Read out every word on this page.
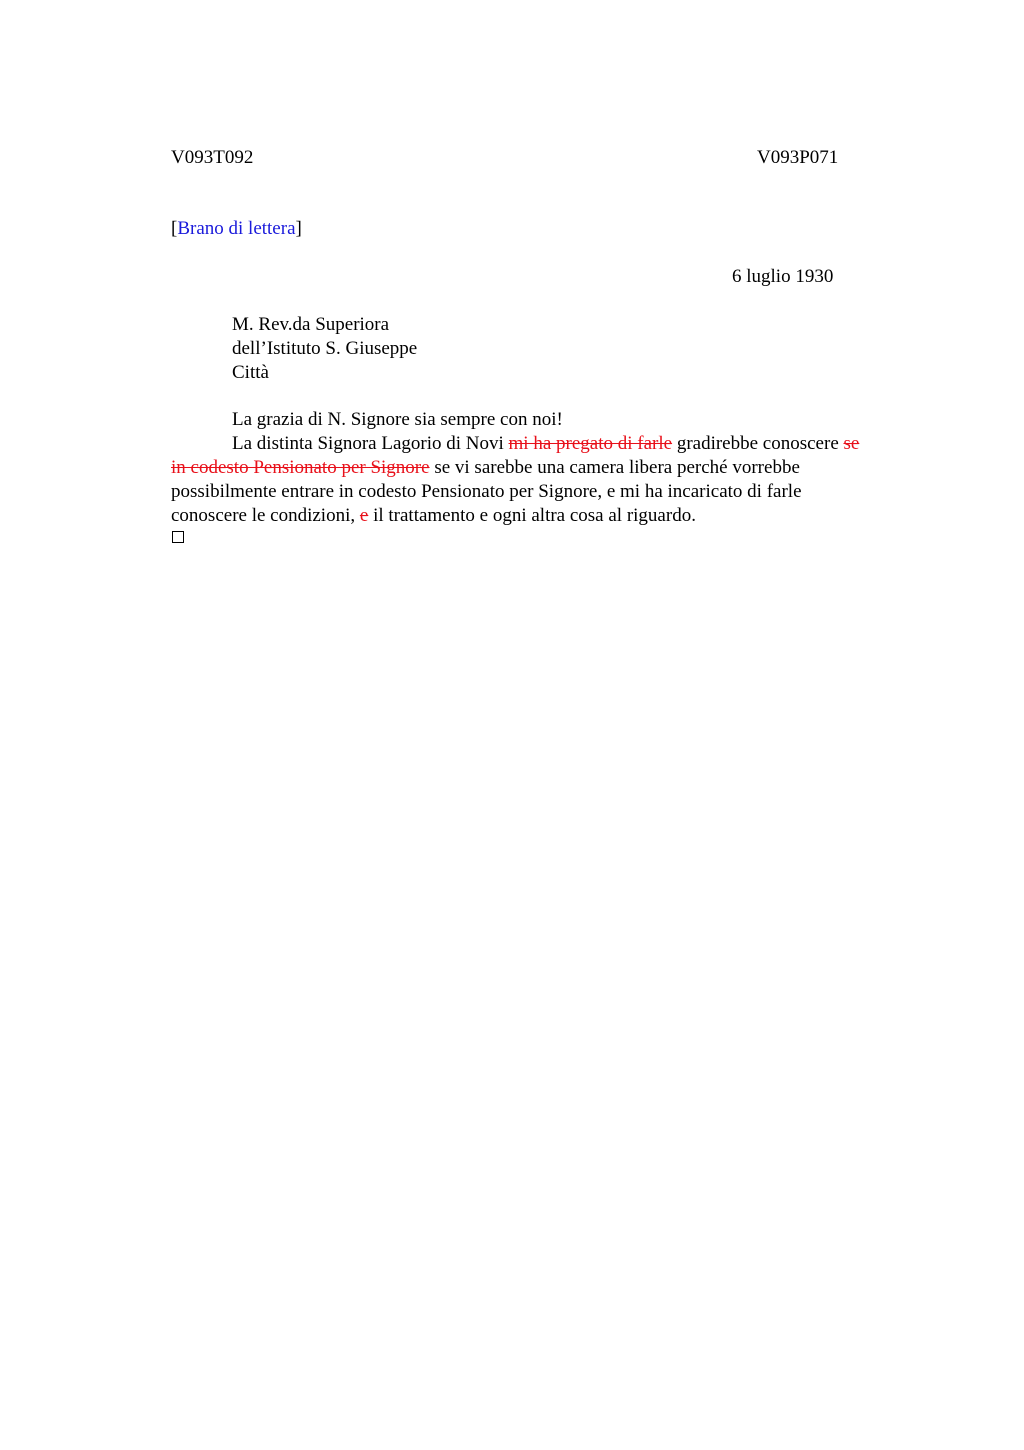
V093T092	V093P071
[Brano di lettera]
6 luglio 1930
M. Rev.da Superiora
dell’Istituto S. Giuseppe
Città
La grazia di N. Signore sia sempre con noi!
La distinta Signora Lagorio di Novi mi ha pregato di farle gradirebbe conoscere se
in codesto Pensionato per Signore se vi sarebbe una camera libera perché vorrebbe
possibilmente entrare in codesto Pensionato per Signore, e mi ha incaricato di farle
conoscere le condizioni, e il trattamento e ogni altra cosa al riguardo.
